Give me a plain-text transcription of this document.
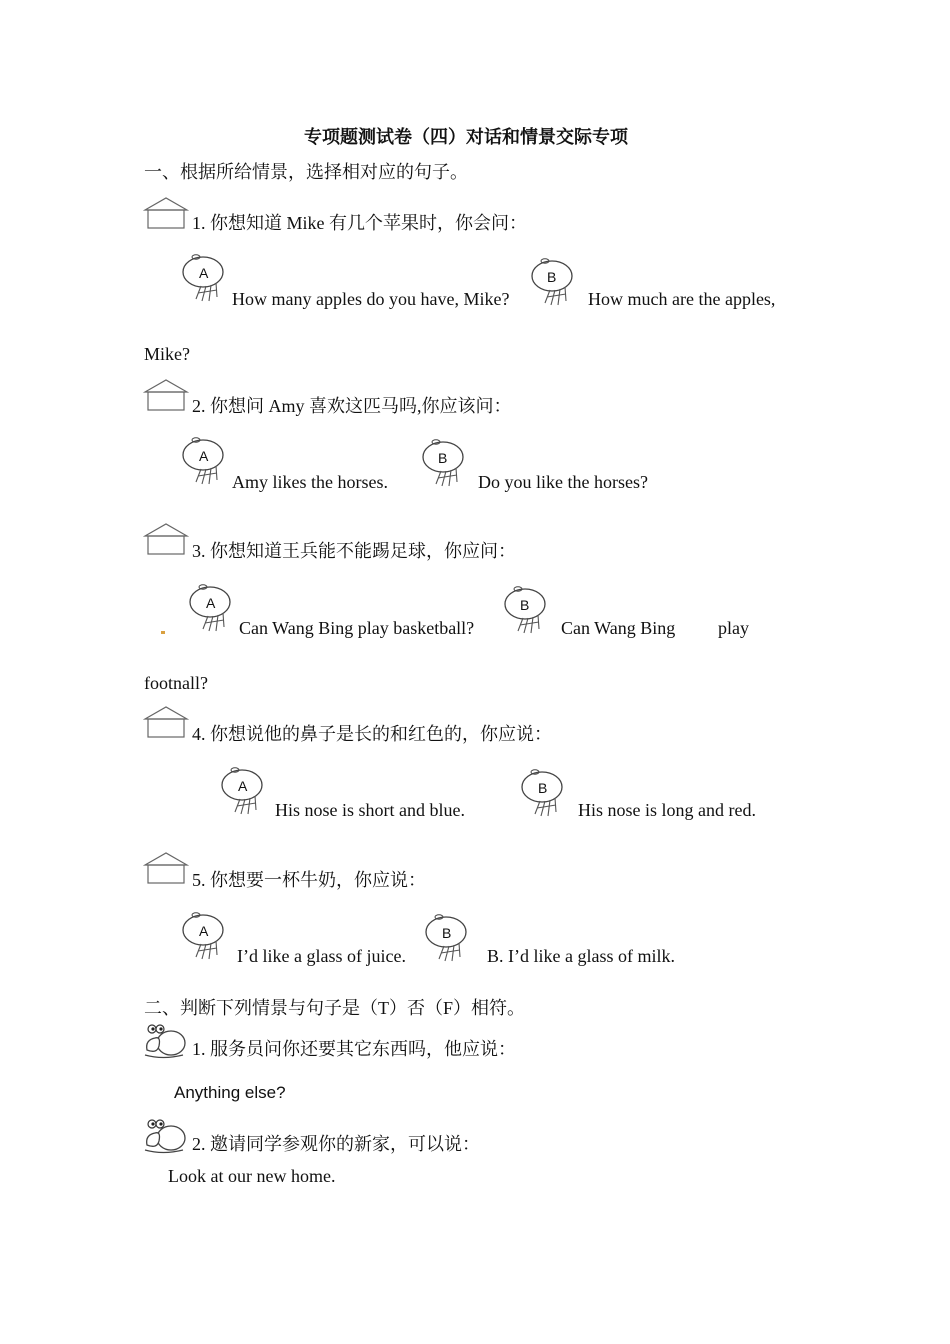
专项题测试卷（四）对话和情景交际专项
一、根据所给情景，选择相对应的句子。
1. 你想知道 Mike 有几个苹果时，你会问：
A
How many apples do you have, Mike?
B
How much are the apples,
Mike?
2. 你想问 Amy 喜欢这匹马吗,你应该问：
A
Amy likes the horses.
B
Do you like the horses?
3. 你想知道王兵能不能踢足球，你应问：
A
Can Wang Bing play basketball?
B
Can Wang Bing play
footnall?
4. 你想说他的鼻子是长的和红色的，你应说：
A
His nose is short and blue.
B
His nose is long and red.
5. 你想要一杯牛奶，你应说：
A
I’d like a glass of juice.
B
B. I’d like a glass of milk.
二、判断下列情景与句子是（T）否（F）相符。
1. 服务员问你还要其它东西吗，他应说：
Anything else?
2. 邀请同学参观你的新家，可以说：
Look at our new home.
